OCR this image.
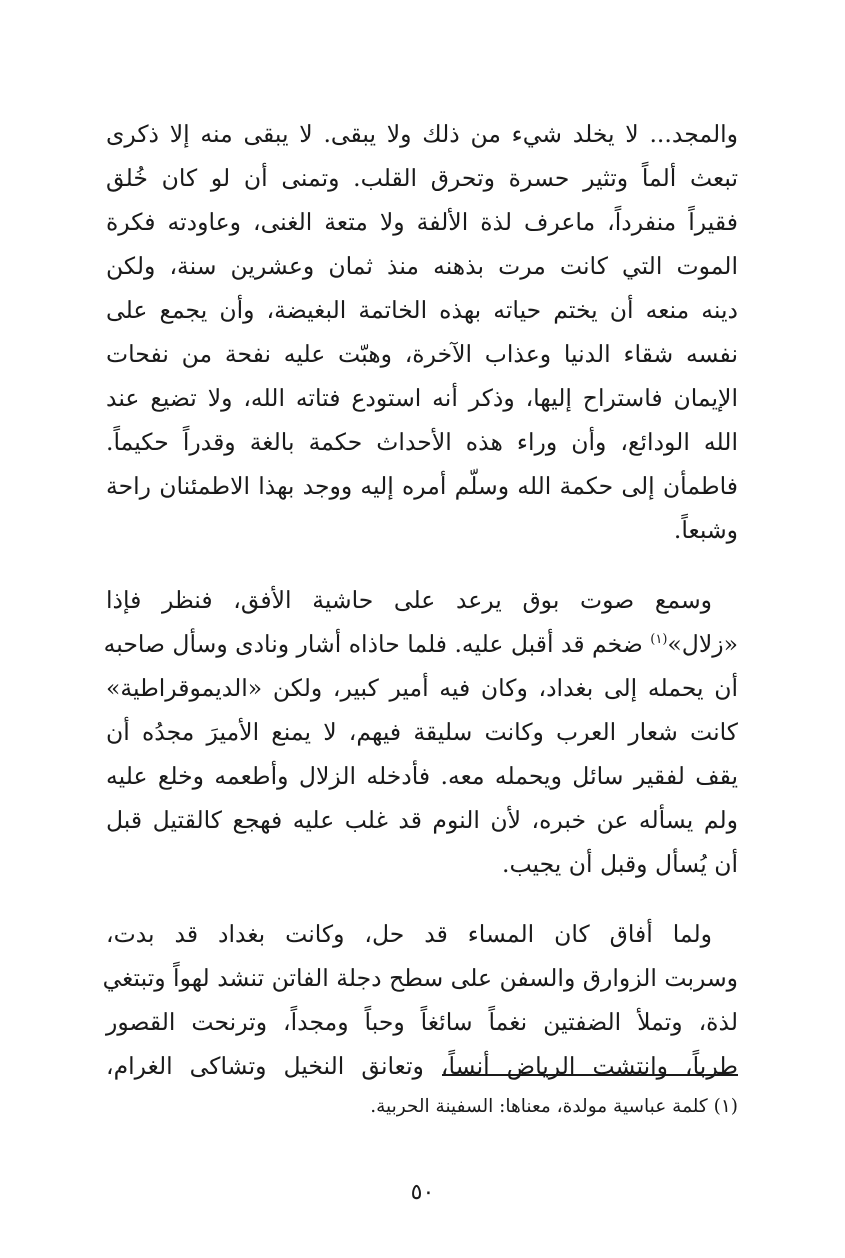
والمجد... لا يخلد شيء من ذلك ولا يبقى. لا يبقى منه إلا ذكرى
تبعث ألماً وتثير حسرة وتحرق القلب. وتمنى أن لو كان خُلق
فقيراً منفرداً، ماعرف لذة الألفة ولا متعة الغنى، وعاودته فكرة
الموت التي كانت مرت بذهنه منذ ثمان وعشرين سنة، ولكن
دينه منعه أن يختم حياته بهذه الخاتمة البغيضة، وأن يجمع على
نفسه شقاء الدنيا وعذاب الآخرة، وهبّت عليه نفحة من نفحات
الإيمان فاستراح إليها، وذكر أنه استودع فتاته الله، ولا تضيع عند
الله الودائع، وأن وراء هذه الأحداث حكمة بالغة وقدراً حكيماً.
فاطمأن إلى حكمة الله وسلّم أمره إليه ووجد بهذا الاطمئنان راحة
وشبعاً.
وسمع صوت بوق يرعد على حاشية الأفق، فنظر فإذا
«زلال»$^{(١)}$ ضخم قد أقبل عليه. فلما حاذاه أشار ونادى وسأل صاحبه
أن يحمله إلى بغداد، وكان فيه أمير كبير، ولكن «الديموقراطية»
كانت شعار العرب وكانت سليقة فيهم، لا يمنع الأميرَ مجدُه أن
يقف لفقير سائل ويحمله معه. فأدخله الزلال وأطعمه وخلع عليه
ولم يسأله عن خبره، لأن النوم قد غلب عليه فهجع كالقتيل قبل
أن يُسأل وقبل أن يجيب.
ولما أفاق كان المساء قد حل، وكانت بغداد قد بدت،
وسربت الزوارق والسفن على سطح دجلة الفاتن تنشد لهواً وتبتغي
لذة، وتملأ الضفتين نغماً سائغاً وحباً ومجداً، وترنحت القصور
طرباً، وانتشت الرياض أنساً، وتعانق النخيل وتشاكى الغرام،
(١) كلمة عباسية مولدة، معناها: السفينة الحربية.
٥٠
